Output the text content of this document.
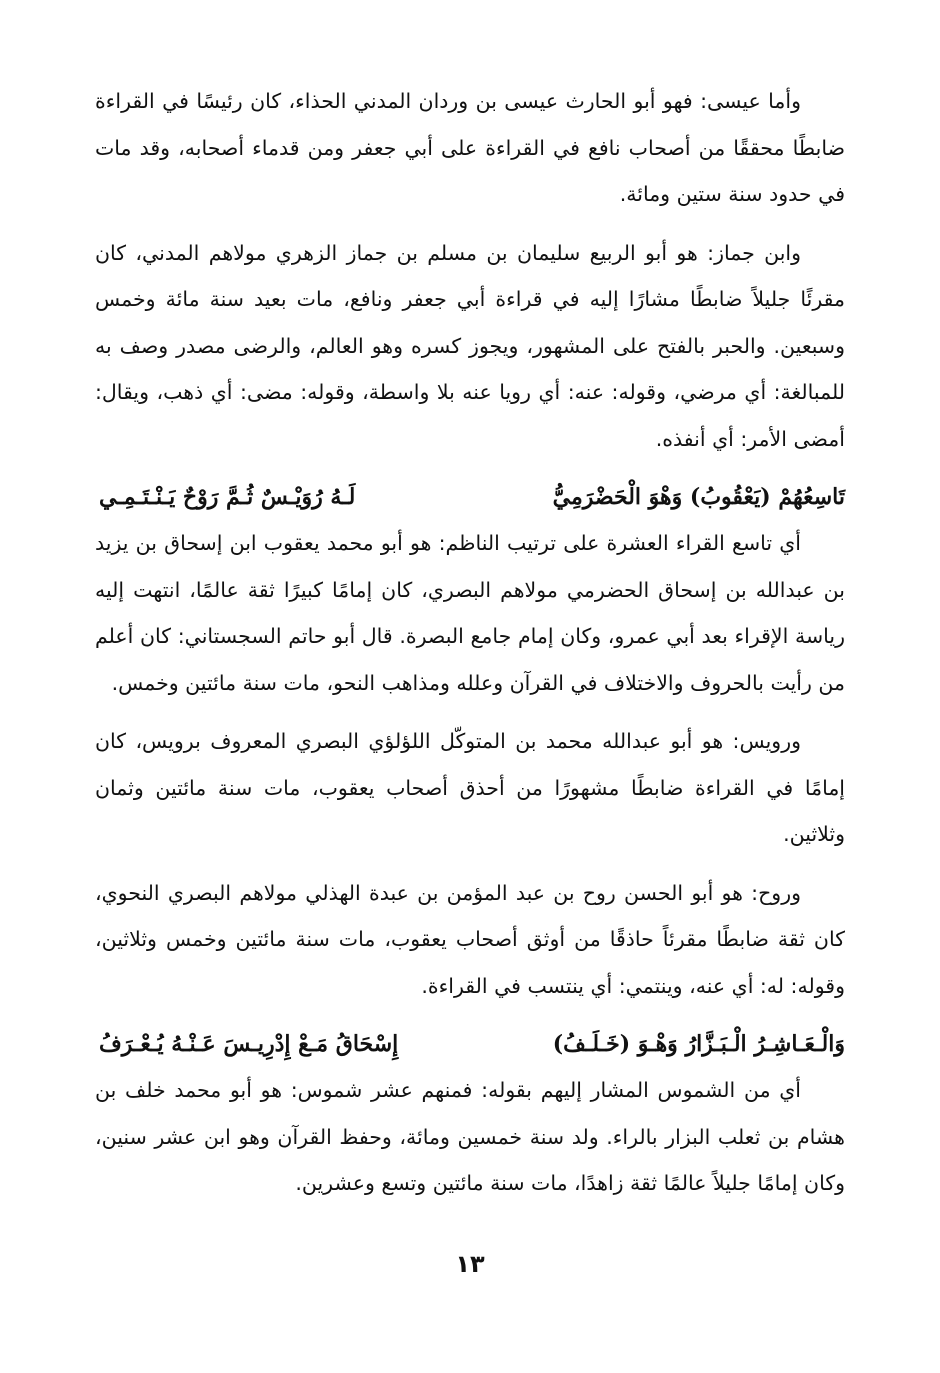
وأما عيسى: فهو أبو الحارث عيسى بن وردان المدني الحذاء، كان رئيسًا في القراءة ضابطًا محققًا من أصحاب نافع في القراءة على أبي جعفر ومن قدماء أصحابه، وقد مات في حدود سنة ستين ومائة.

وابن جماز: هو أبو الربيع سليمان بن مسلم بن جماز الزهري مولاهم المدني، كان مقرئًا جليلاً ضابطًا مشارًا إليه في قراءة أبي جعفر ونافع، مات بعيد سنة مائة وخمس وسبعين. والحبر بالفتح على المشهور، ويجوز كسره وهو العالم، والرضى مصدر وصف به للمبالغة: أي مرضي، وقوله: عنه: أي رويا عنه بلا واسطة، وقوله: مضى: أي ذهب، ويقال: أمضى الأمر: أي أنفذه.

تَاسِعُهُمْ (يَعْقُوبُ) وَهْوَ الْحَضْرَمِيُّ
لَـهُ رُوَيْـسٌ ثُـمَّ رَوْحٌ يَـنْـتَـمِـي

أي تاسع القراء العشرة على ترتيب الناظم: هو أبو محمد يعقوب ابن إسحاق بن يزيد بن عبدالله بن إسحاق الحضرمي مولاهم البصري، كان إمامًا كبيرًا ثقة عالمًا، انتهت إليه رياسة الإقراء بعد أبي عمرو، وكان إمام جامع البصرة. قال أبو حاتم السجستاني: كان أعلم من رأيت بالحروف والاختلاف في القرآن وعلله ومذاهب النحو، مات سنة مائتين وخمس.

ورويس: هو أبو عبدالله محمد بن المتوكّل اللؤلؤي البصري المعروف برويس، كان إمامًا في القراءة ضابطًا مشهورًا من أحذق أصحاب يعقوب، مات سنة مائتين وثمان وثلاثين.

وروح: هو أبو الحسن روح بن عبد المؤمن بن عبدة الهذلي مولاهم البصري النحوي، كان ثقة ضابطًا مقرئاً حاذقًا من أوثق أصحاب يعقوب، مات سنة مائتين وخمس وثلاثين، وقوله: له: أي عنه، وينتمي: أي ينتسب في القراءة.

وَالْـعَـاشِـرُ الْـبَـزَّارُ وَهْـوَ (خَـلَـفُ)
إِسْحَاقُ مَـعْ إِدْرِيـسَ عَـنْـهُ يُـعْـرَفُ

أي من الشموس المشار إليهم بقوله: فمنهم عشر شموس: هو أبو محمد خلف بن هشام بن ثعلب البزار بالراء. ولد سنة خمسين ومائة، وحفظ القرآن وهو ابن عشر سنين، وكان إمامًا جليلاً عالمًا ثقة زاهدًا، مات سنة مائتين وتسع وعشرين.

١٣
